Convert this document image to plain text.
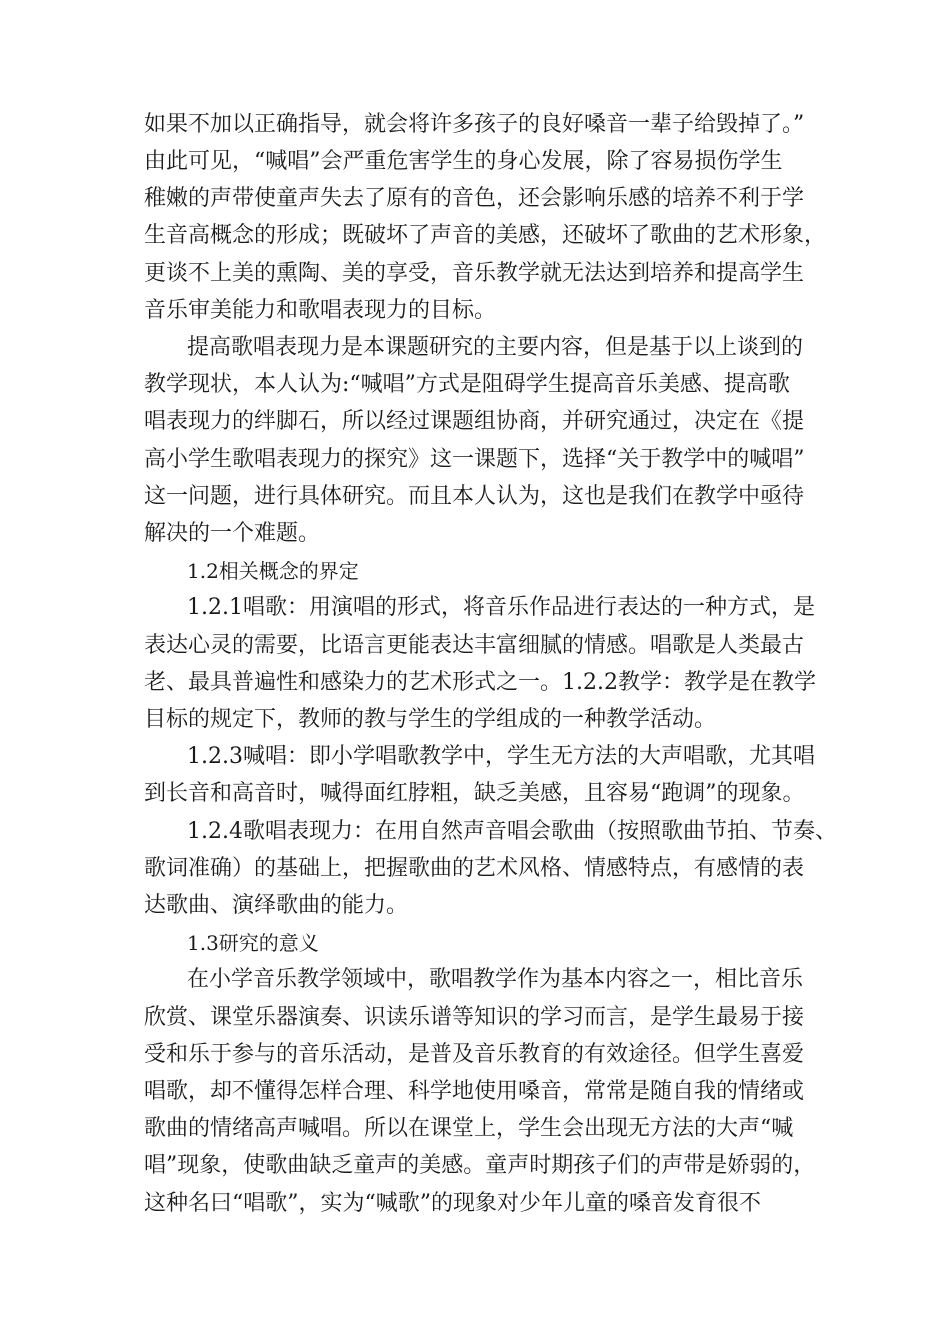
如果不加以正确指导，就会将许多孩子的良好嗓音一辈子给毁掉了。”
由此可见，“喊唱”会严重危害学生的身心发展，除了容易损伤学生
稚嫩的声带使童声失去了原有的音色，还会影响乐感的培养不利于学
生音高概念的形成；既破坏了声音的美感，还破坏了歌曲的艺术形象，
更谈不上美的熏陶、美的享受，音乐教学就无法达到培养和提高学生
音乐审美能力和歌唱表现力的目标。
提高歌唱表现力是本课题研究的主要内容，但是基于以上谈到的
教学现状，本人认为:“喊唱”方式是阻碍学生提高音乐美感、提高歌
唱表现力的绊脚石，所以经过课题组协商，并研究通过，决定在《提
高小学生歌唱表现力的探究》这一课题下，选择“关于教学中的喊唱”
这一问题，进行具体研究。而且本人认为，这也是我们在教学中亟待
解决的一个难题。
1.2相关概念的界定
1.2.1唱歌：用演唱的形式，将音乐作品进行表达的一种方式，是
表达心灵的需要，比语言更能表达丰富细腻的情感。唱歌是人类最古
老、最具普遍性和感染力的艺术形式之一。1.2.2教学：教学是在教学
目标的规定下，教师的教与学生的学组成的一种教学活动。
1.2.3喊唱：即小学唱歌教学中，学生无方法的大声唱歌，尤其唱
到长音和高音时，喊得面红脖粗，缺乏美感，且容易“跑调”的现象。
1.2.4歌唱表现力：在用自然声音唱会歌曲（按照歌曲节拍、节奏、
歌词准确）的基础上，把握歌曲的艺术风格、情感特点，有感情的表
达歌曲、演绎歌曲的能力。
1.3研究的意义
在小学音乐教学领域中，歌唱教学作为基本内容之一，相比音乐
欣赏、课堂乐器演奏、识读乐谱等知识的学习而言，是学生最易于接
受和乐于参与的音乐活动，是普及音乐教育的有效途径。但学生喜爱
唱歌，却不懂得怎样合理、科学地使用嗓音，常常是随自我的情绪或
歌曲的情绪高声喊唱。所以在课堂上，学生会出现无方法的大声“喊
唱”现象，使歌曲缺乏童声的美感。童声时期孩子们的声带是娇弱的，
这种名曰“唱歌”，实为“喊歌”的现象对少年儿童的嗓音发育很不
